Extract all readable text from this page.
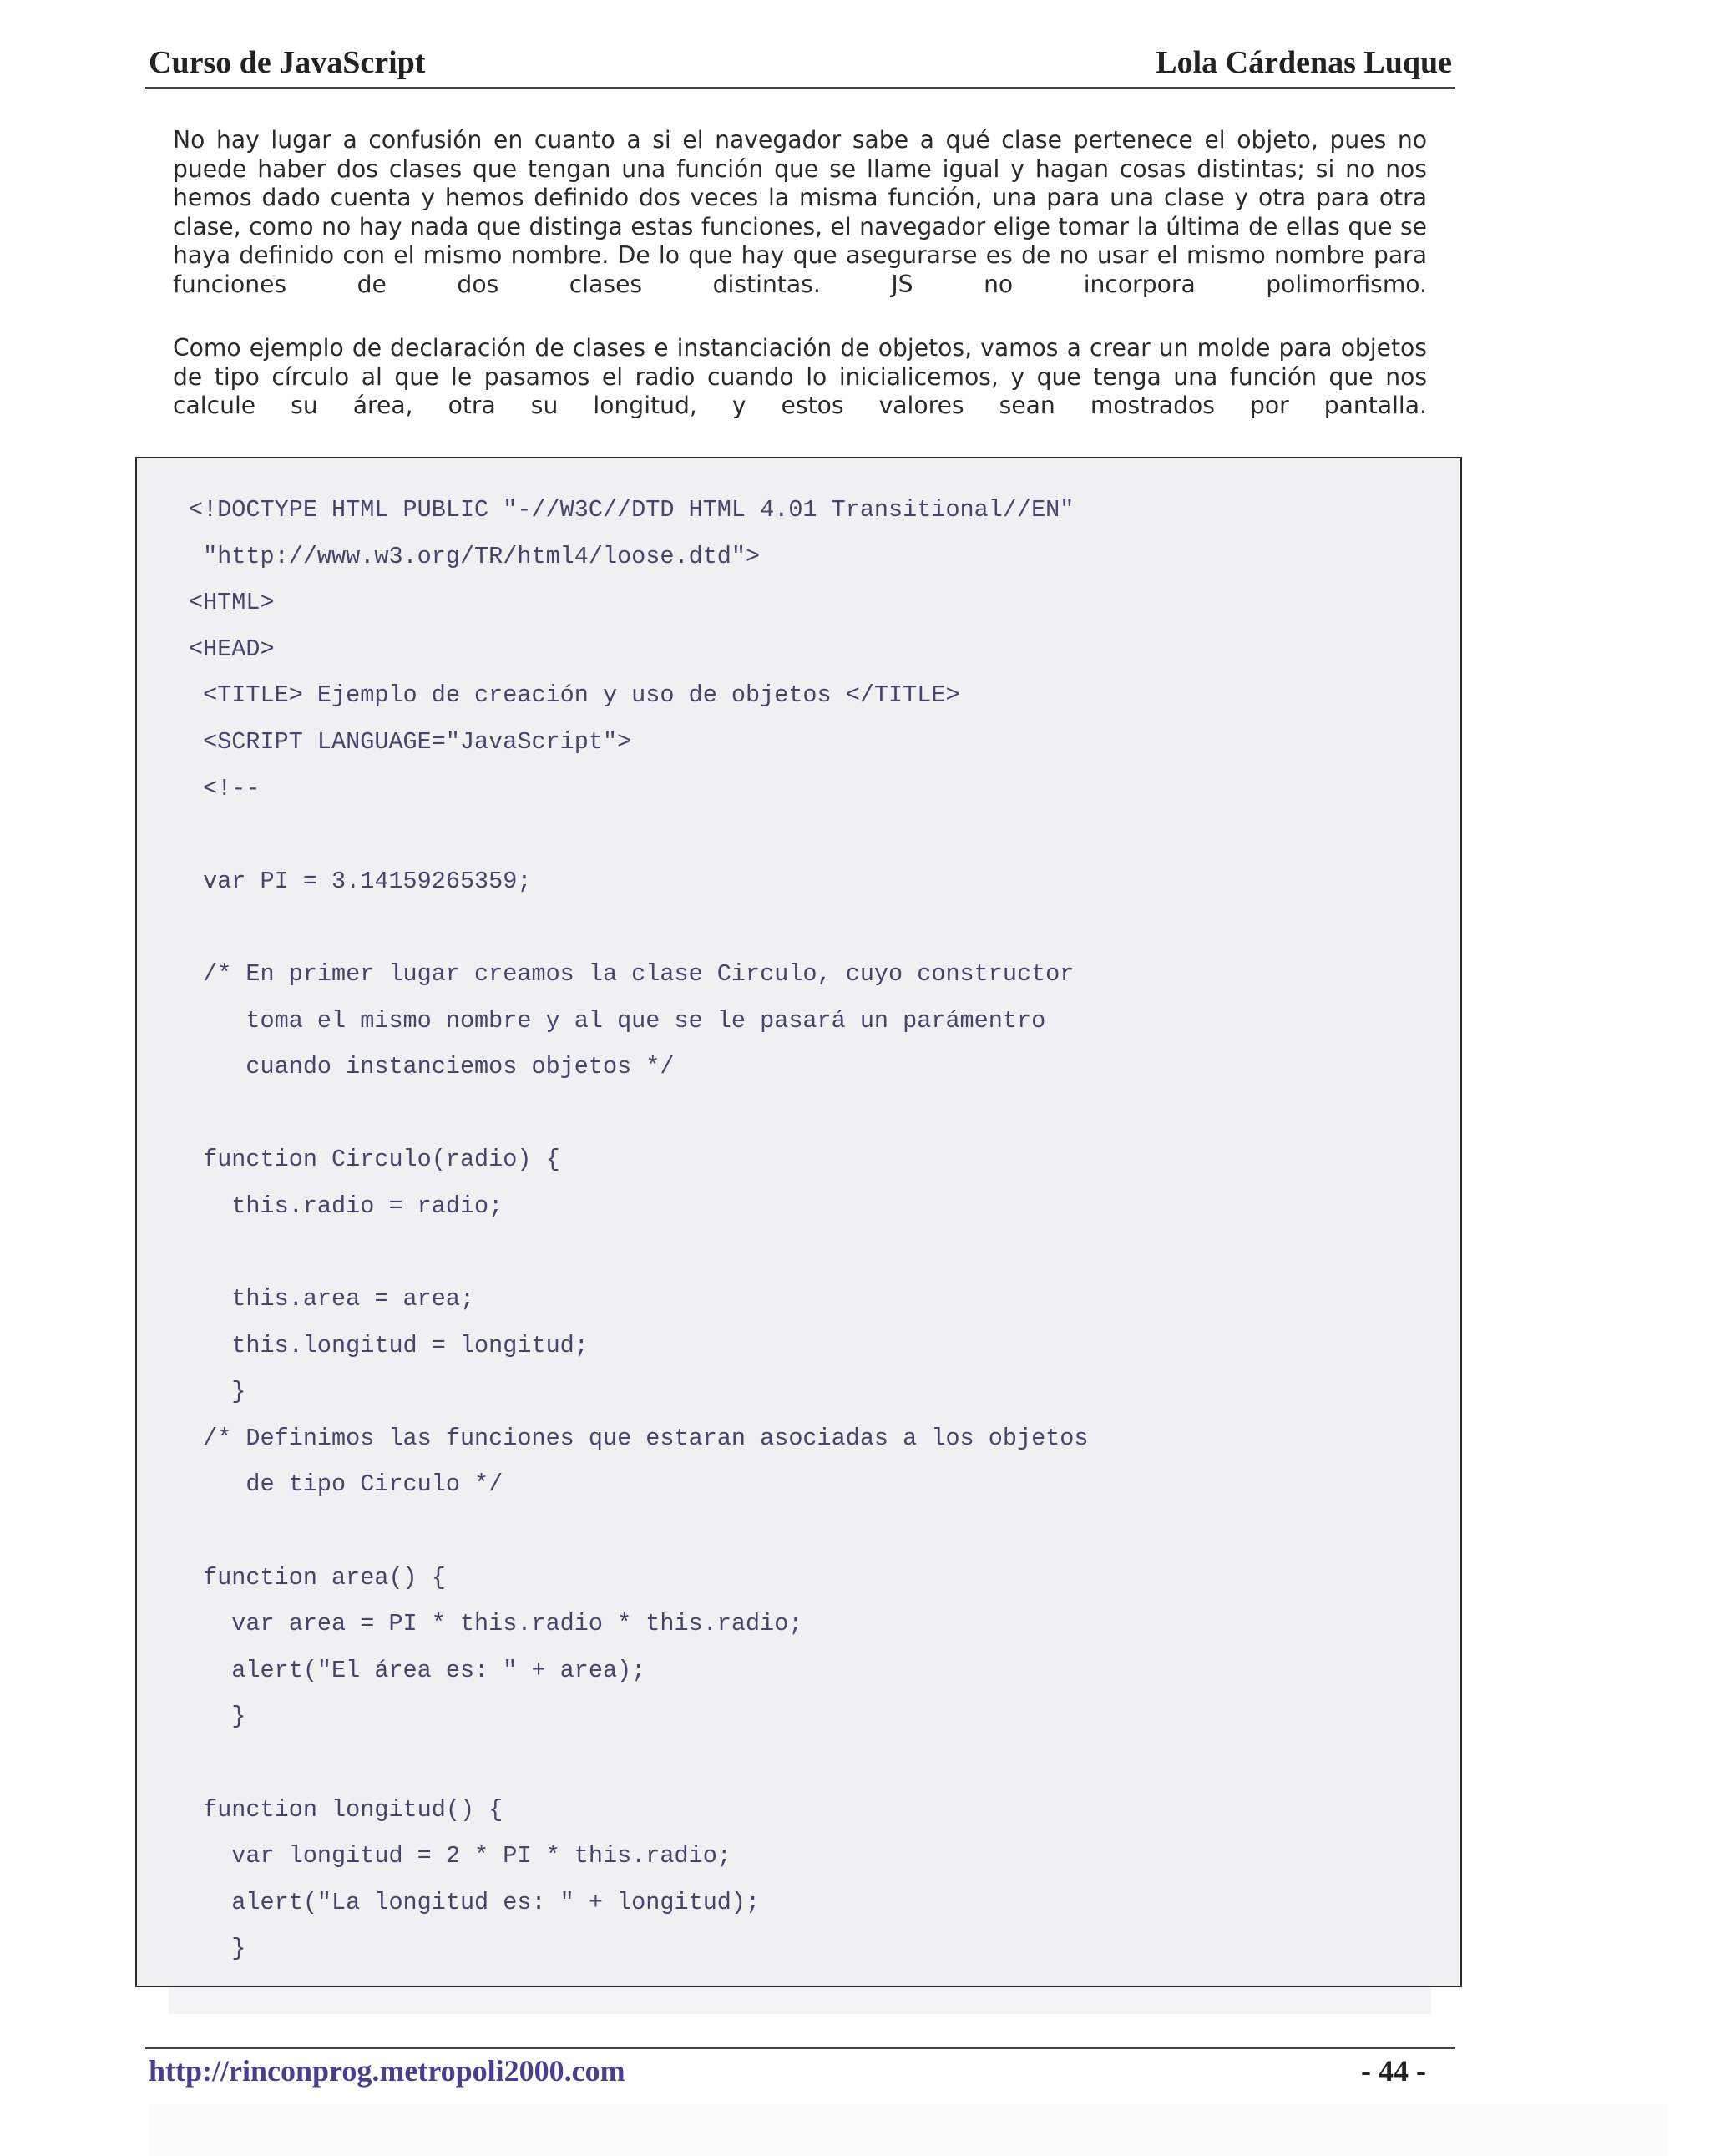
Curso de JavaScript	Lola Cárdenas Luque

No hay lugar a confusión en cuanto a si el navegador sabe a qué clase pertenece el objeto, pues no puede haber dos clases que tengan una función que se llame igual y hagan cosas distintas; si no nos hemos dado cuenta y hemos definido dos veces la misma función, una para una clase y otra para otra clase, como no hay nada que distinga estas funciones, el navegador elige tomar la última de ellas que se haya definido con el mismo nombre. De lo que hay que asegurarse es de no usar el mismo nombre para funciones de dos clases distintas. JS no incorpora polimorfismo.

Como ejemplo de declaración de clases e instanciación de objetos, vamos a crear un molde para objetos de tipo círculo al que le pasamos el radio cuando lo inicialicemos, y que tenga una función que nos calcule su área, otra su longitud, y estos valores sean mostrados por pantalla.

<!DOCTYPE HTML PUBLIC "-//W3C//DTD HTML 4.01 Transitional//EN"
"http://www.w3.org/TR/html4/loose.dtd">
<HTML>
<HEAD>
<TITLE> Ejemplo de creación y uso de objetos </TITLE>
<SCRIPT LANGUAGE="JavaScript">
<!--
var PI = 3.14159265359;
/* En primer lugar creamos la clase Circulo, cuyo constructor
toma el mismo nombre y al que se le pasará un parámentro
cuando instanciemos objetos */
function Circulo(radio) {
this.radio = radio;
this.area = area;
this.longitud = longitud;
}
/* Definimos las funciones que estaran asociadas a los objetos
de tipo Circulo */
function area() {
var area = PI * this.radio * this.radio;
alert("El área es: " + area);
}
function longitud() {
var longitud = 2 * PI * this.radio;
alert("La longitud es: " + longitud);
}
http://rinconprog.metropoli2000.com	- 44 -
